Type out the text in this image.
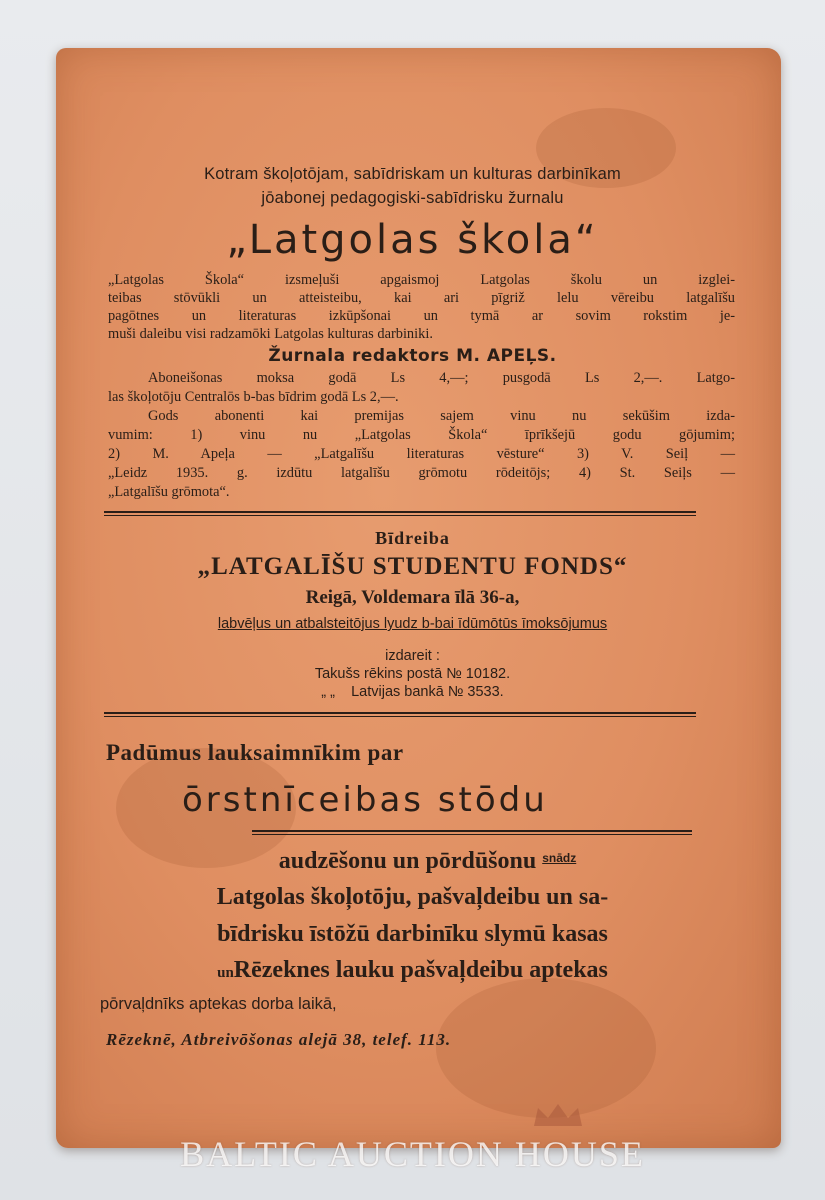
Kotram škoļotōjam, sabīdriskam un kulturas darbinīkam
jōabonej pedagogiski-sabīdrisku žurnalu
„Latgolas škola“
„Latgolas Škola“ izsmeļuši apgaismoj Latgolas školu un izglei-
teibas stōvūkli un atteisteibu, kai ari pīgriž lelu vēreibu latgalīšu
pagōtnes un literaturas izkūpšonai un tymā ar sovim rokstim je-
muši daleibu visi radzamōki Latgolas kulturas darbiniki.
Žurnala redaktors M. APEĻS.
Aboneišonas moksa godā Ls 4,—; pusgodā Ls 2,—. Latgo-
las škoļotōju Centralōs b-bas bīdrim godā Ls 2,—.
Gods abonenti kai premijas sajem vinu nu sekūšim izda-
vumim: 1) vinu nu „Latgolas Škola“ īprīkšejū godu gōjumim;
2) M. Apeļa — „Latgalīšu literaturas vēsture“ 3) V. Seiļ —
„Leidz 1935. g. izdūtu latgalīšu grōmotu rōdeitōjs; 4) St. Seiļs —
„Latgalīšu grōmota“.
Bīdreiba
„LATGALĪŠU STUDENTU FONDS“
Reigā, Voldemara īlā 36-a,
labvēļus un atbalsteitōjus lyudz b-bai īdūmōtūs īmoksōjumus
izdareit :
Takušs rēkins postā № 10182.
„ „ Latvijas bankā № 3533.
Padūmus lauksaimnīkim par
ōrstnīceibas stōdu
audzēšonu un pōrdūšonu $^{snādz}$
Latgolas škoļotōju, pašvaļdeibu un sa-
bīdrisku īstōžū darbinīku slymū kasas
unRēzeknes lauku pašvaļdeibu aptekas
pōrvaļdnīks aptekas dorba laikā,
Rēzeknē, Atbreivōšonas alejā 38, telef. 113.
BALTIC AUCTION HOUSE
